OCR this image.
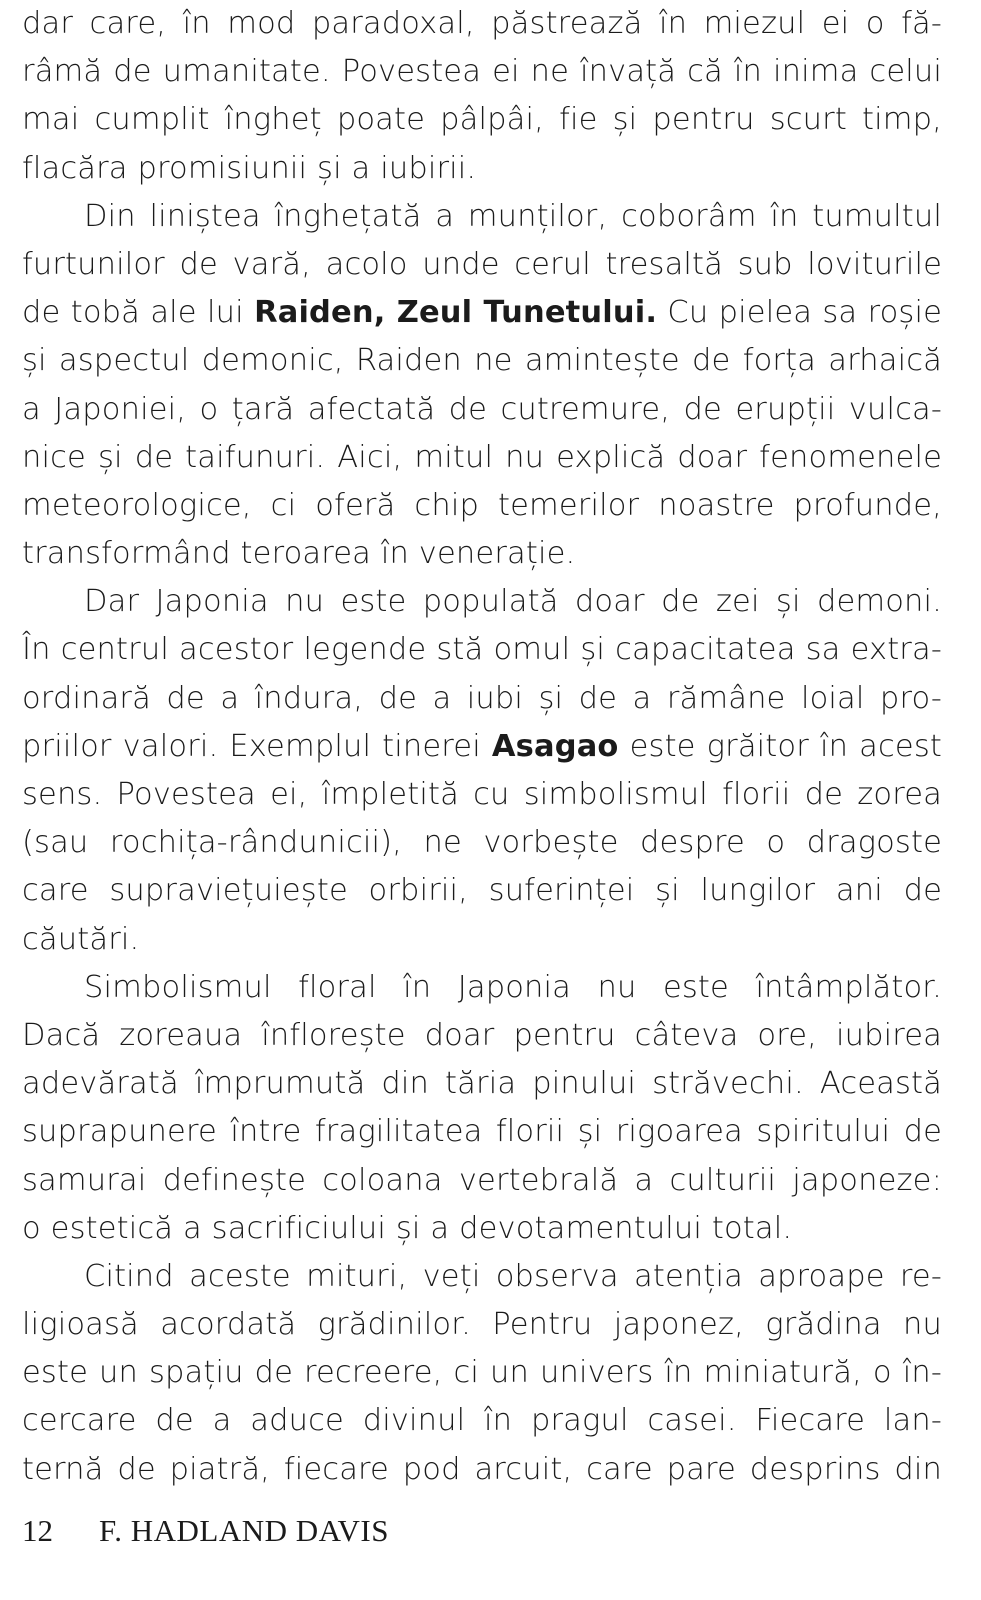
dar care, în mod paradoxal, păstrează în miezul ei o fă-
râmă de umanitate. Povestea ei ne învață că în inima celui
mai cumplit îngheț poate pâlpâi, fie și pentru scurt timp,
flacăra promisiunii și a iubirii.
Din liniștea înghețată a munților, coborâm în tumultul
furtunilor de vară, acolo unde cerul tresaltă sub loviturile
de tobă ale lui Raiden, Zeul Tunetului. Cu pielea sa roșie
și aspectul demonic, Raiden ne amintește de forța arhaică
a Japoniei, o țară afectată de cutremure, de erupții vulca-
nice și de taifunuri. Aici, mitul nu explică doar fenomenele
meteorologice, ci oferă chip temerilor noastre profunde,
transformând teroarea în venerație.
Dar Japonia nu este populată doar de zei și demoni.
În centrul acestor legende stă omul și capacitatea sa extra-
ordinară de a îndura, de a iubi și de a rămâne loial pro-
priilor valori. Exemplul tinerei Asagao este grăitor în acest
sens. Povestea ei, împletită cu simbolismul florii de zorea
(sau rochița-rândunicii), ne vorbește despre o dragoste
care supraviețuiește orbirii, suferinței și lungilor ani de
căutări.
Simbolismul floral în Japonia nu este întâmplător.
Dacă zoreaua înflorește doar pentru câteva ore, iubirea
adevărată împrumută din tăria pinului străvechi. Această
suprapunere între fragilitatea florii și rigoarea spiritului de
samurai definește coloana vertebrală a culturii japoneze:
o estetică a sacrificiului și a devotamentului total.
Citind aceste mituri, veți observa atenția aproape re-
ligioasă acordată grădinilor. Pentru japonez, grădina nu
este un spațiu de recreere, ci un univers în miniatură, o în-
cercare de a aduce divinul în pragul casei. Fiecare lan-
ternă de piatră, fiecare pod arcuit, care pare desprins din
12 F. HADLAND DAVIS
